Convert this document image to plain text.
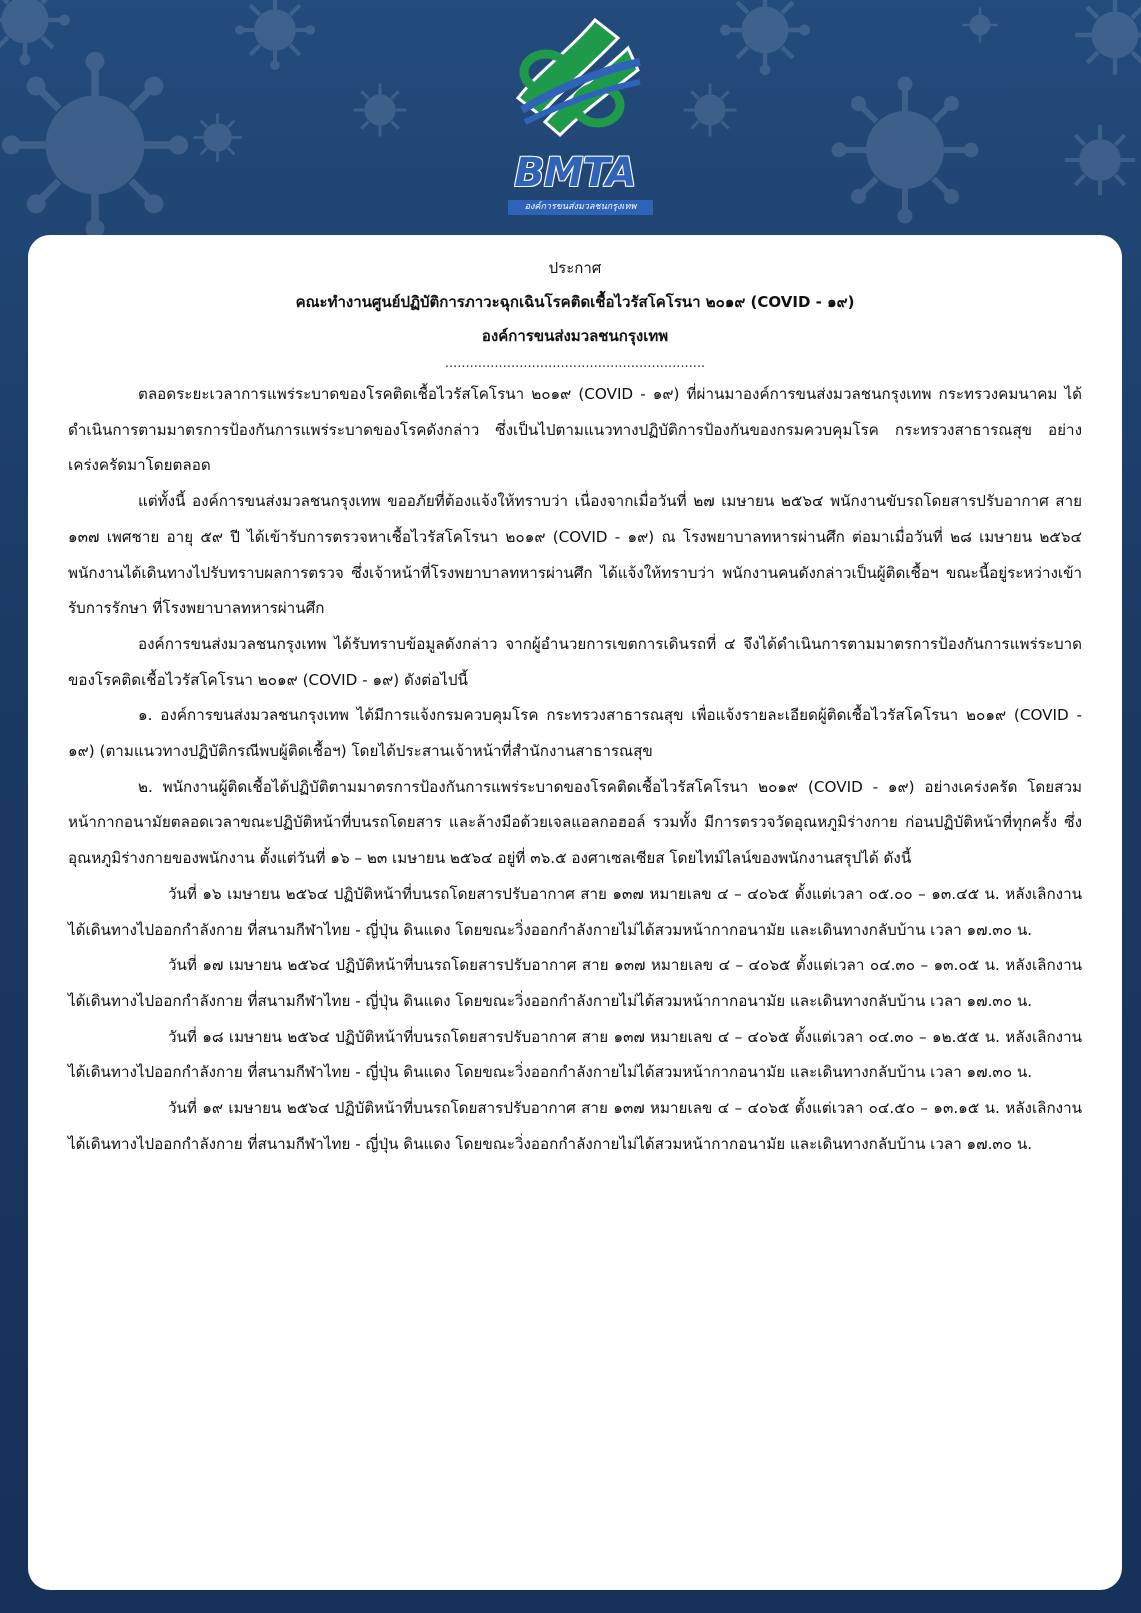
BMTA
องค์การขนส่งมวลชนกรุงเทพ
ประกาศ
คณะทำงานศูนย์ปฏิบัติการภาวะฉุกเฉินโรคติดเชื้อไวรัสโคโรนา ๒๐๑๙ (COVID - ๑๙)
องค์การขนส่งมวลชนกรุงเทพ
...............................................................

ตลอดระยะเวลาการแพร่ระบาดของโรคติดเชื้อไวรัสโคโรนา ๒๐๑๙ (COVID - ๑๙) ที่ผ่านมาองค์การขนส่งมวลชนกรุงเทพ กระทรวงคมนาคม ได้ดำเนินการตามมาตรการป้องกันการแพร่ระบาดของโรคดังกล่าว ซึ่งเป็นไปตามแนวทางปฏิบัติการป้องกันของกรมควบคุมโรค กระทรวงสาธารณสุข อย่างเคร่งครัดมาโดยตลอด

แต่ทั้งนี้ องค์การขนส่งมวลชนกรุงเทพ ขออภัยที่ต้องแจ้งให้ทราบว่า เนื่องจากเมื่อวันที่ ๒๗ เมษายน ๒๕๖๔ พนักงานขับรถโดยสารปรับอากาศ สาย ๑๓๗ เพศชาย อายุ ๕๙ ปี ได้เข้ารับการตรวจหาเชื้อไวรัสโคโรนา ๒๐๑๙ (COVID - ๑๙) ณ โรงพยาบาลทหารผ่านศึก ต่อมาเมื่อวันที่ ๒๘ เมษายน ๒๕๖๔ พนักงานได้เดินทางไปรับทราบผลการตรวจ ซึ่งเจ้าหน้าที่โรงพยาบาลทหารผ่านศึก ได้แจ้งให้ทราบว่า พนักงานคนดังกล่าวเป็นผู้ติดเชื้อฯ ขณะนี้อยู่ระหว่างเข้ารับการรักษา ที่โรงพยาบาลทหารผ่านศึก

องค์การขนส่งมวลชนกรุงเทพ ได้รับทราบข้อมูลดังกล่าว จากผู้อำนวยการเขตการเดินรถที่ ๔ จึงได้ดำเนินการตามมาตรการป้องกันการแพร่ระบาดของโรคติดเชื้อไวรัสโคโรนา ๒๐๑๙ (COVID - ๑๙) ดังต่อไปนี้

๑. องค์การขนส่งมวลชนกรุงเทพ ได้มีการแจ้งกรมควบคุมโรค กระทรวงสาธารณสุข เพื่อแจ้งรายละเอียดผู้ติดเชื้อไวรัสโคโรนา ๒๐๑๙ (COVID - ๑๙) (ตามแนวทางปฏิบัติกรณีพบผู้ติดเชื้อฯ) โดยได้ประสานเจ้าหน้าที่สำนักงานสาธารณสุข

๒. พนักงานผู้ติดเชื้อได้ปฏิบัติตามมาตรการป้องกันการแพร่ระบาดของโรคติดเชื้อไวรัสโคโรนา ๒๐๑๙ (COVID - ๑๙) อย่างเคร่งครัด โดยสวมหน้ากากอนามัยตลอดเวลาขณะปฏิบัติหน้าที่บนรถโดยสาร และล้างมือด้วยเจลแอลกอฮอล์ รวมทั้ง มีการตรวจวัดอุณหภูมิร่างกาย ก่อนปฏิบัติหน้าที่ทุกครั้ง ซึ่งอุณหภูมิร่างกายของพนักงาน ตั้งแต่วันที่ ๑๖ – ๒๓ เมษายน ๒๕๖๔ อยู่ที่ ๓๖.๕ องศาเซลเซียส โดยไทม์ไลน์ของพนักงานสรุปได้ ดังนี้

วันที่ ๑๖ เมษายน ๒๕๖๔ ปฏิบัติหน้าที่บนรถโดยสารปรับอากาศ สาย ๑๓๗ หมายเลข ๔ – ๔๐๖๕ ตั้งแต่เวลา ๐๕.๐๐ – ๑๓.๔๕ น. หลังเลิกงานได้เดินทางไปออกกำลังกาย ที่สนามกีฬาไทย - ญี่ปุ่น ดินแดง โดยขณะวิ่งออกกำลังกายไม่ได้สวมหน้ากากอนามัย และเดินทางกลับบ้าน เวลา ๑๗.๓๐ น.

วันที่ ๑๗ เมษายน ๒๕๖๔ ปฏิบัติหน้าที่บนรถโดยสารปรับอากาศ สาย ๑๓๗ หมายเลข ๔ – ๔๐๖๕ ตั้งแต่เวลา ๐๔.๓๐ – ๑๓.๐๕ น. หลังเลิกงานได้เดินทางไปออกกำลังกาย ที่สนามกีฬาไทย - ญี่ปุ่น ดินแดง โดยขณะวิ่งออกกำลังกายไม่ได้สวมหน้ากากอนามัย และเดินทางกลับบ้าน เวลา ๑๗.๓๐ น.

วันที่ ๑๘ เมษายน ๒๕๖๔ ปฏิบัติหน้าที่บนรถโดยสารปรับอากาศ สาย ๑๓๗ หมายเลข ๔ – ๔๐๖๕ ตั้งแต่เวลา ๐๔.๓๐ – ๑๒.๕๕ น. หลังเลิกงานได้เดินทางไปออกกำลังกาย ที่สนามกีฬาไทย - ญี่ปุ่น ดินแดง โดยขณะวิ่งออกกำลังกายไม่ได้สวมหน้ากากอนามัย และเดินทางกลับบ้าน เวลา ๑๗.๓๐ น.

วันที่ ๑๙ เมษายน ๒๕๖๔ ปฏิบัติหน้าที่บนรถโดยสารปรับอากาศ สาย ๑๓๗ หมายเลข ๔ – ๔๐๖๕ ตั้งแต่เวลา ๐๔.๕๐ – ๑๓.๑๕ น. หลังเลิกงานได้เดินทางไปออกกำลังกาย ที่สนามกีฬาไทย - ญี่ปุ่น ดินแดง โดยขณะวิ่งออกกำลังกายไม่ได้สวมหน้ากากอนามัย และเดินทางกลับบ้าน เวลา ๑๗.๓๐ น.
